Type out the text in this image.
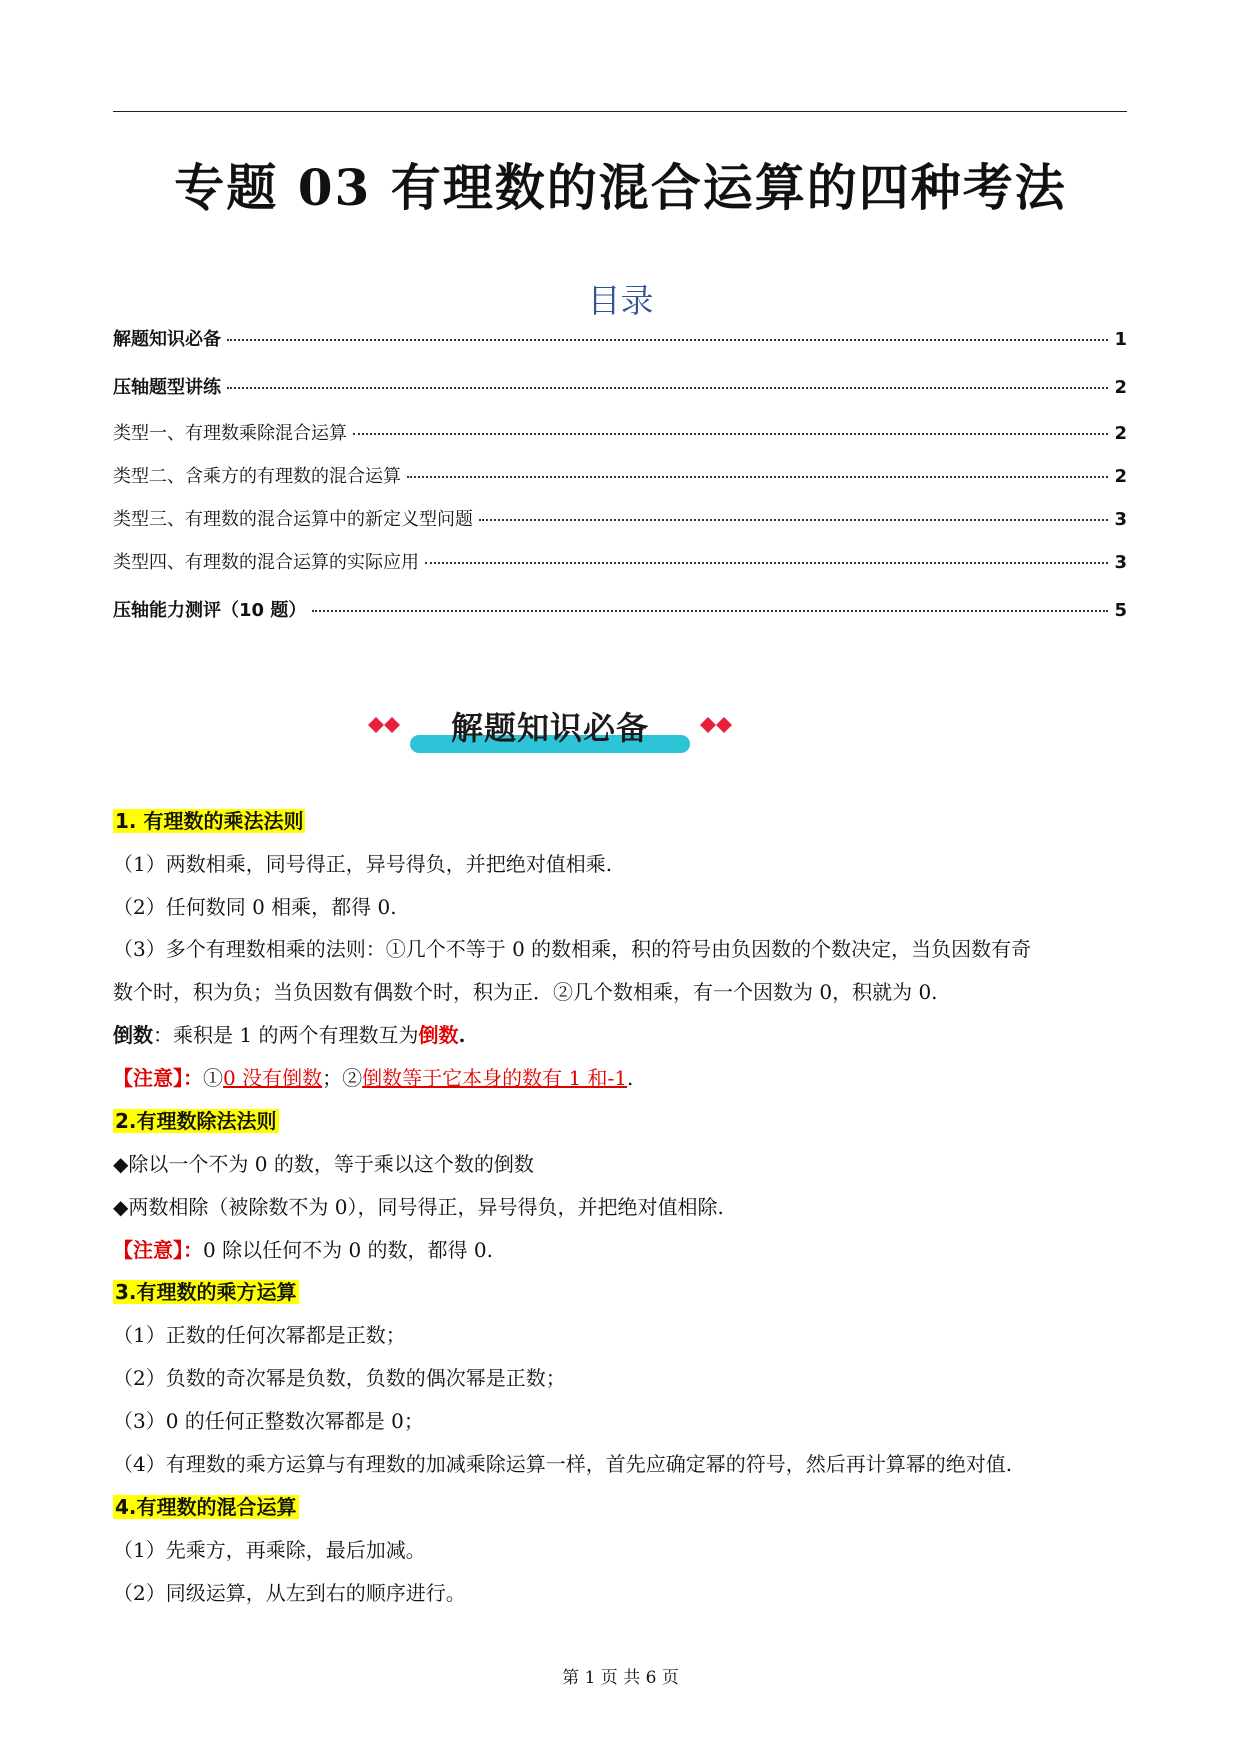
专题 03 有理数的混合运算的四种考法
目录
解题知识必备	1
压轴题型讲练	2
类型一、有理数乘除混合运算	2
类型二、含乘方的有理数的混合运算	2
类型三、有理数的混合运算中的新定义型问题	3
类型四、有理数的混合运算的实际应用	3
压轴能力测评（10 题）	5
解题知识必备
1. 有理数的乘法法则
（1）两数相乘，同号得正，异号得负，并把绝对值相乘.
（2）任何数同 0 相乘，都得 0.
（3）多个有理数相乘的法则：①几个不等于 0 的数相乘，积的符号由负因数的个数决定，当负因数有奇
数个时，积为负；当负因数有偶数个时，积为正．②几个数相乘，有一个因数为 0，积就为 0.
倒数：乘积是 1 的两个有理数互为倒数.
【注意】：①0 没有倒数；②倒数等于它本身的数有 1 和-1.
2.有理数除法法则
◆除以一个不为 0 的数，等于乘以这个数的倒数
◆两数相除（被除数不为 0），同号得正，异号得负，并把绝对值相除.
【注意】：0 除以任何不为 0 的数，都得 0.
3.有理数的乘方运算
（1）正数的任何次幂都是正数；
（2）负数的奇次幂是负数，负数的偶次幂是正数；
（3）0 的任何正整数次幂都是 0；
（4）有理数的乘方运算与有理数的加减乘除运算一样，首先应确定幂的符号，然后再计算幂的绝对值.
4.有理数的混合运算
（1）先乘方，再乘除，最后加减。
（2）同级运算，从左到右的顺序进行。
第 1 页 共 6 页
